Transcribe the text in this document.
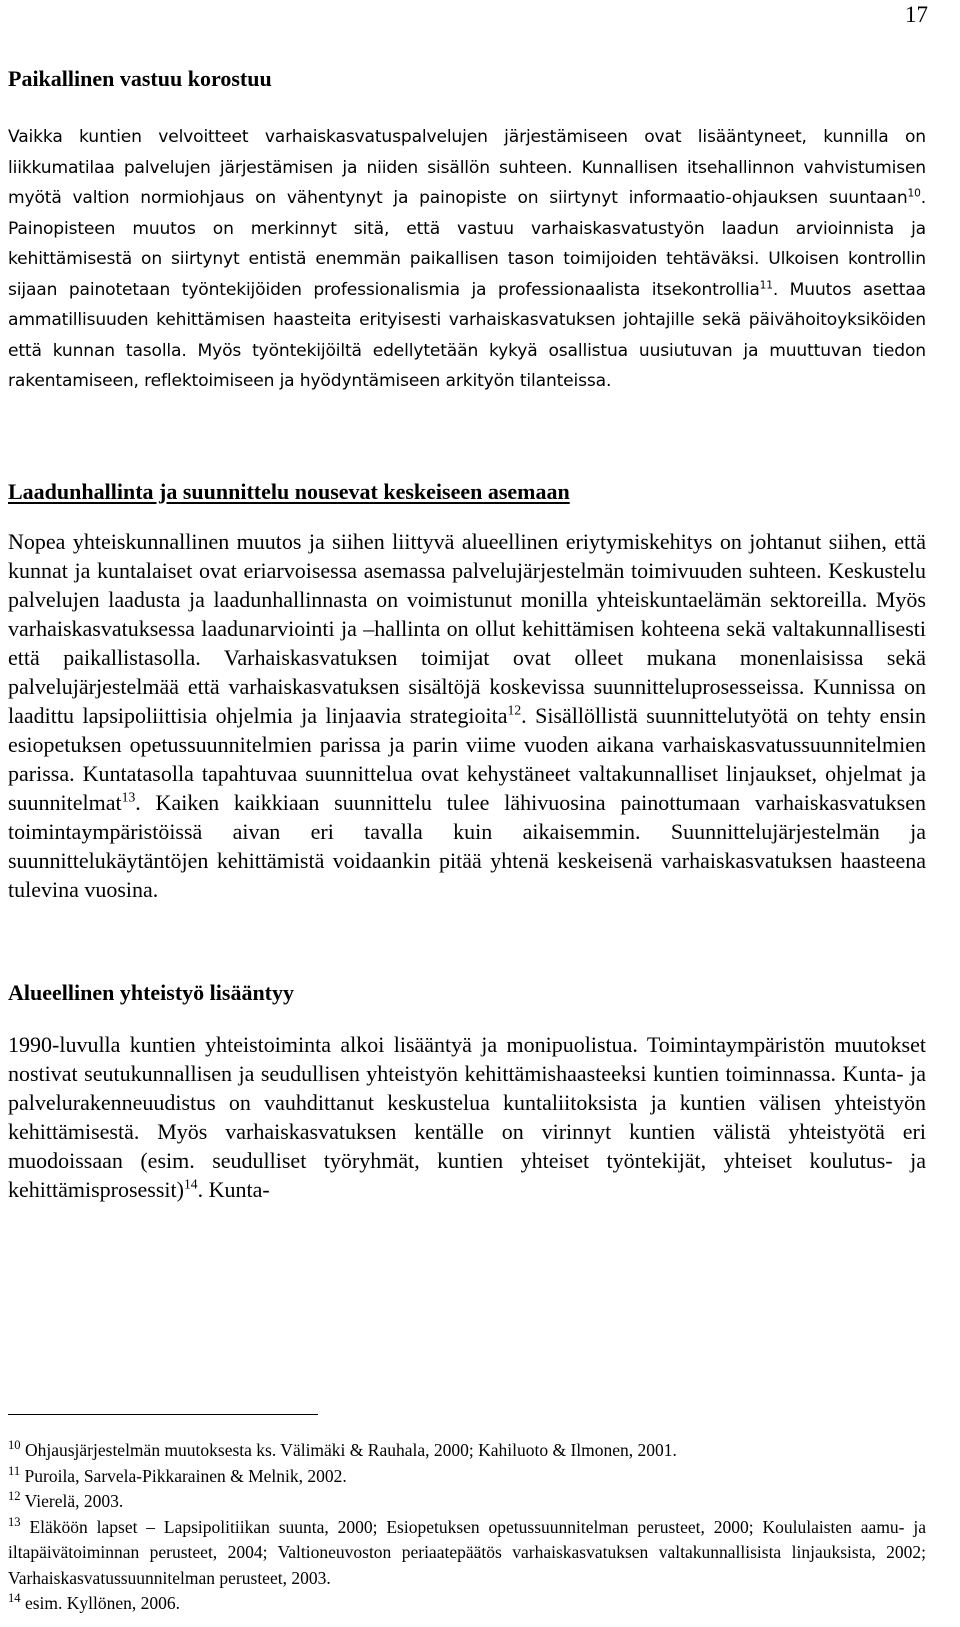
17
Paikallinen vastuu korostuu

Vaikka kuntien velvoitteet varhaiskasvatuspalvelujen järjestämiseen ovat lisääntyneet, kunnilla on liikkumatilaa palvelujen järjestämisen ja niiden sisällön suhteen. Kunnallisen itsehallinnon vahvistumisen myötä valtion normiohjaus on vähentynyt ja painopiste on siirtynyt informaatio-ohjauksen suuntaan$^{10}$. Painopisteen muutos on merkinnyt sitä, että vastuu varhaiskasvatustyön laadun arvioinnista ja kehittämisestä on siirtynyt entistä enemmän paikallisen tason toimijoiden tehtäväksi. Ulkoisen kontrollin sijaan painotetaan työntekijöiden professionalismia ja professionaalista itsekontrollia$^{11}$. Muutos asettaa ammatillisuuden kehittämisen haasteita erityisesti varhaiskasvatuksen johtajille sekä päivähoitoyksiköiden että kunnan tasolla. Myös työntekijöiltä edellytetään kykyä osallistua uusiutuvan ja muuttuvan tiedon rakentamiseen, reflektoimiseen ja hyödyntämiseen arkityön tilanteissa.

Laadunhallinta ja suunnittelu nousevat keskeiseen asemaan

Nopea yhteiskunnallinen muutos ja siihen liittyvä alueellinen eriytymiskehitys on johtanut siihen, että kunnat ja kuntalaiset ovat eriarvoisessa asemassa palvelujärjestelmän toimivuuden suhteen. Keskustelu palvelujen laadusta ja laadunhallinnasta on voimistunut monilla yhteiskuntaelämän sektoreilla. Myös varhaiskasvatuksessa laadunarviointi ja –hallinta on ollut kehittämisen kohteena sekä valtakunnallisesti että paikallistasolla. Varhaiskasvatuksen toimijat ovat olleet mukana monenlaisissa sekä palvelujärjestelmää että varhaiskasvatuksen sisältöjä koskevissa suunnitteluprosesseissa. Kunnissa on laadittu lapsipoliittisia ohjelmia ja linjaavia strategioita$^{12}$. Sisällöllistä suunnittelutyötä on tehty ensin esiopetuksen opetussuunnitelmien parissa ja parin viime vuoden aikana varhaiskasvatussuunnitelmien parissa. Kuntatasolla tapahtuvaa suunnittelua ovat kehystäneet valtakunnalliset linjaukset, ohjelmat ja suunnitelmat$^{13}$. Kaiken kaikkiaan suunnittelu tulee lähivuosina painottumaan varhaiskasvatuksen toimintaympäristöissä aivan eri tavalla kuin aikaisemmin. Suunnittelujärjestelmän ja suunnittelukäytäntöjen kehittämistä voidaankin pitää yhtenä keskeisenä varhaiskasvatuksen haasteena tulevina vuosina.

Alueellinen yhteistyö lisääntyy

1990-luvulla kuntien yhteistoiminta alkoi lisääntyä ja monipuolistua. Toimintaympäristön muutokset nostivat seutukunnallisen ja seudullisen yhteistyön kehittämishaasteeksi kuntien toiminnassa. Kunta- ja palvelurakenneuudistus on vauhdittanut keskustelua kuntaliitoksista ja kuntien välisen yhteistyön kehittämisestä. Myös varhaiskasvatuksen kentälle on virinnyt kuntien välistä yhteistyötä eri muodoissaan (esim. seudulliset työryhmät, kuntien yhteiset työntekijät, yhteiset koulutus- ja kehittämisprosessit)$^{14}$. Kunta-

$^{10}$ Ohjausjärjestelmän muutoksesta ks. Välimäki & Rauhala, 2000; Kahiluoto & Ilmonen, 2001.

$^{11}$ Puroila, Sarvela-Pikkarainen & Melnik, 2002.

$^{12}$ Vierelä, 2003.

$^{13}$ Eläköön lapset – Lapsipolitiikan suunta, 2000; Esiopetuksen opetussuunnitelman perusteet, 2000; Koululaisten aamu- ja iltapäivätoiminnan perusteet, 2004; Valtioneuvoston periaatepäätös varhaiskasvatuksen valtakunnallisista linjauksista, 2002; Varhaiskasvatussuunnitelman perusteet, 2003.

$^{14}$ esim. Kyllönen, 2006.
